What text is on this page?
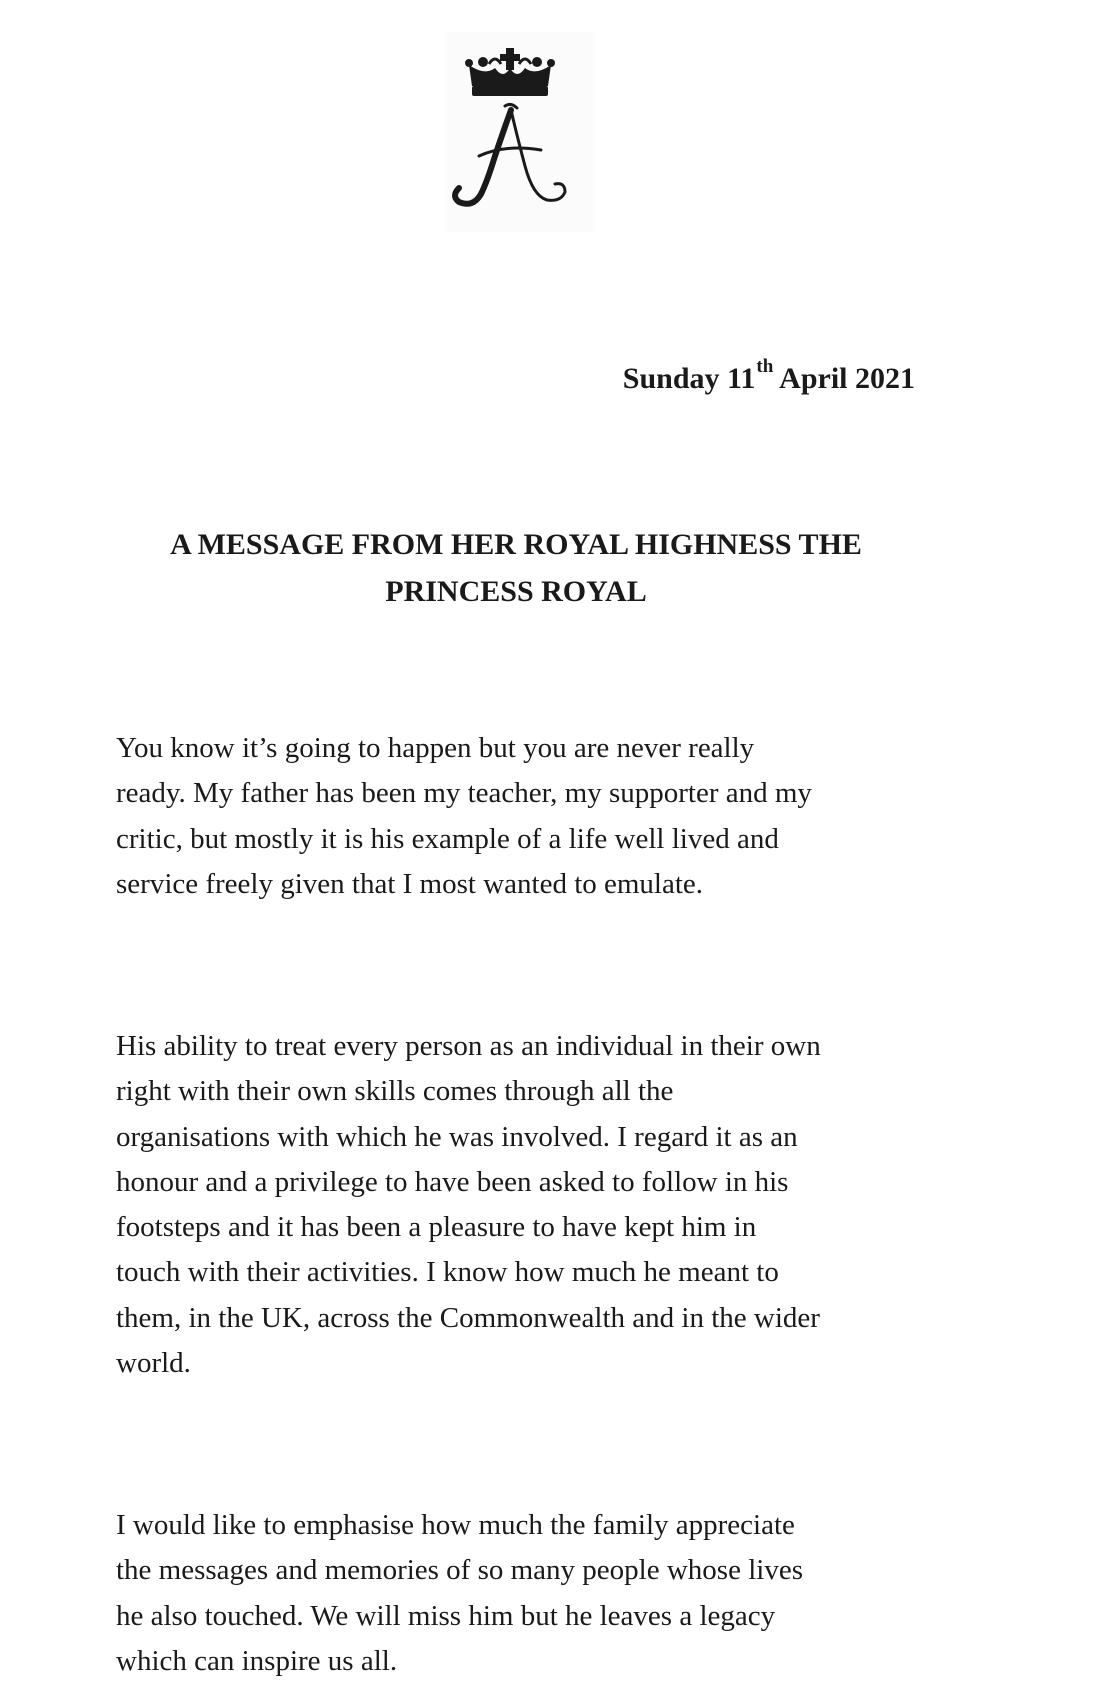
Sunday 11th April 2021
A MESSAGE FROM HER ROYAL HIGHNESS THE
PRINCESS ROYAL

You know it’s going to happen but you are never really
ready. My father has been my teacher, my supporter and my
critic, but mostly it is his example of a life well lived and
service freely given that I most wanted to emulate.

His ability to treat every person as an individual in their own
right with their own skills comes through all the
organisations with which he was involved. I regard it as an
honour and a privilege to have been asked to follow in his
footsteps and it has been a pleasure to have kept him in
touch with their activities. I know how much he meant to
them, in the UK, across the Commonwealth and in the wider
world.

I would like to emphasise how much the family appreciate
the messages and memories of so many people whose lives
he also touched. We will miss him but he leaves a legacy
which can inspire us all.
